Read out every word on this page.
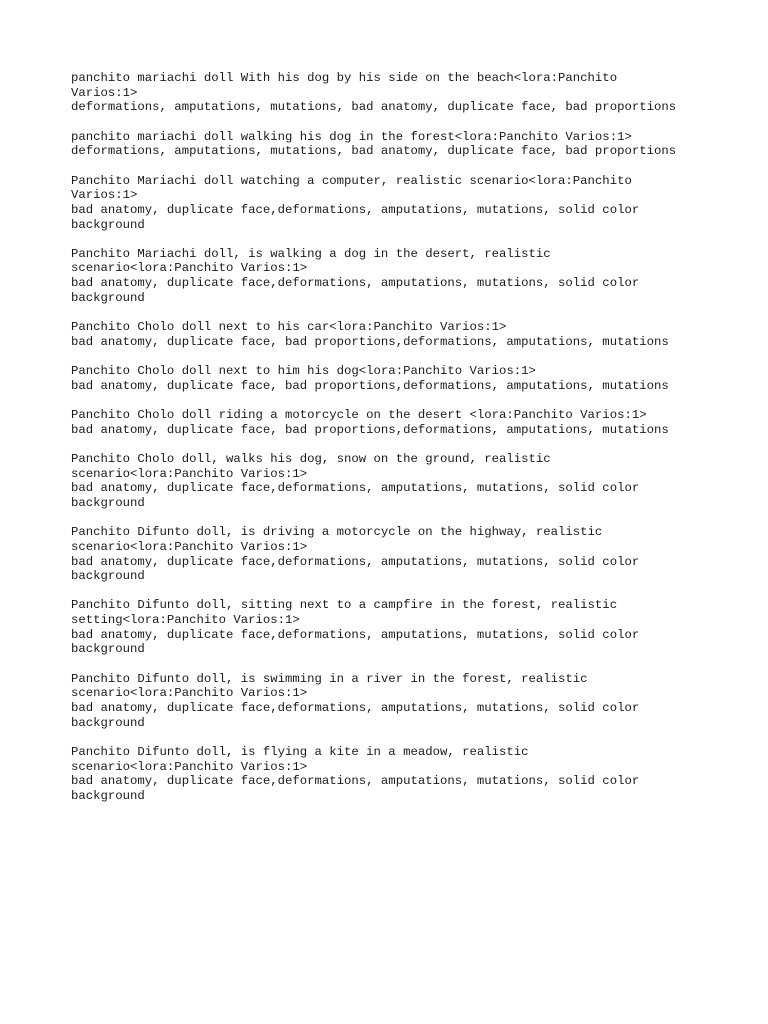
panchito mariachi doll With his dog by his side on the beach<lora:Panchito
Varios:1>
deformations, amputations, mutations, bad anatomy, duplicate face, bad proportions
panchito mariachi doll walking his dog in the forest<lora:Panchito Varios:1>
deformations, amputations, mutations, bad anatomy, duplicate face, bad proportions
Panchito Mariachi doll watching a computer, realistic scenario<lora:Panchito
Varios:1>
bad anatomy, duplicate face,deformations, amputations, mutations, solid color
background
Panchito Mariachi doll, is walking a dog in the desert, realistic
scenario<lora:Panchito Varios:1>
bad anatomy, duplicate face,deformations, amputations, mutations, solid color
background
Panchito Cholo doll next to his car<lora:Panchito Varios:1>
bad anatomy, duplicate face, bad proportions,deformations, amputations, mutations
Panchito Cholo doll next to him his dog<lora:Panchito Varios:1>
bad anatomy, duplicate face, bad proportions,deformations, amputations, mutations
Panchito Cholo doll riding a motorcycle on the desert <lora:Panchito Varios:1>
bad anatomy, duplicate face, bad proportions,deformations, amputations, mutations
Panchito Cholo doll, walks his dog, snow on the ground, realistic
scenario<lora:Panchito Varios:1>
bad anatomy, duplicate face,deformations, amputations, mutations, solid color
background
Panchito Difunto doll, is driving a motorcycle on the highway, realistic
scenario<lora:Panchito Varios:1>
bad anatomy, duplicate face,deformations, amputations, mutations, solid color
background
Panchito Difunto doll, sitting next to a campfire in the forest, realistic
setting<lora:Panchito Varios:1>
bad anatomy, duplicate face,deformations, amputations, mutations, solid color
background
Panchito Difunto doll, is swimming in a river in the forest, realistic
scenario<lora:Panchito Varios:1>
bad anatomy, duplicate face,deformations, amputations, mutations, solid color
background
Panchito Difunto doll, is flying a kite in a meadow, realistic
scenario<lora:Panchito Varios:1>
bad anatomy, duplicate face,deformations, amputations, mutations, solid color
background
